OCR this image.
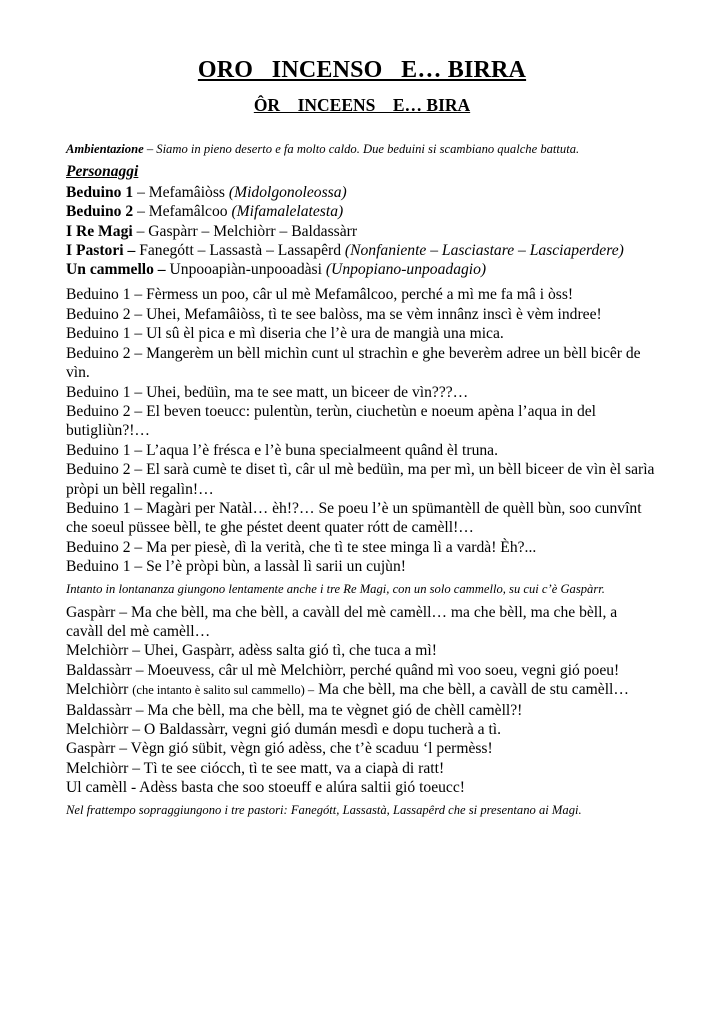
ORO   INCENSO   E… BIRRA
ÔR    INCEENS    E… BIRA

Ambientazione – Siamo in pieno deserto e fa molto caldo. Due beduini si scambiano qualche battuta.

Personaggi
Beduino 1 – Mefamâiòss (Midolgonoleossa)
Beduino 2 – Mefamâlcoo (Mifamalelatesta)
I Re Magi – Gaspàrr – Melchiòrr – Baldassàrr
I Pastori – Fanegótt – Lassastà – Lassapêrd (Nonfaniente – Lasciastare – Lasciaperdere)
Un cammello – Unpooapiàn-unpooadàsi (Unpopiano-unpoadagio)
Beduino 1 – Fèrmess un poo, câr ul mè Mefamâlcoo, perché a mì me fa mâ i òss!
Beduino 2 – Uhei, Mefamâiòss, tì te see balòss, ma se vèm innânz inscì è vèm indree!
Beduino 1 – Ul sû èl pica e mì diseria che l’è ura de mangià una mica.
Beduino 2 – Mangerèm un bèll michìn cunt ul strachìn e ghe beverèm adree un bèll bicêr de vìn.
Beduino 1 – Uhei, bedüìn, ma te see matt, un biceer de vìn???…
Beduino 2 – El beven toeucc: pulentùn, terùn, ciuchetùn e noeum apèna l’aqua in del butigliùn?!…
Beduino 1 – L’aqua l’è frésca e l’è buna specialmeent quând èl truna.
Beduino 2 – El sarà cumè te diset tì, câr ul mè bedüìn, ma per mì, un bèll biceer de vìn èl sarìa pròpi un bèll regalìn!…
Beduino 1 – Magàri per Natàl… èh!?… Se poeu l’è un spümantèll de quèll bùn, soo cunvînt che soeul püssee bèll, te ghe péstet deent quater rótt de camèll!…
Beduino 2 – Ma per piesè, dì la verità, che tì te stee minga lì a vardà! Èh?...
Beduino 1 – Se l’è pròpi bùn, a lassàl lì sarii un cujùn!

Intanto in lontananza giungono lentamente anche i tre Re Magi, con un solo cammello, su cui c’è Gaspàrr.

Gaspàrr – Ma che bèll, ma che bèll, a cavàll del mè camèll… ma che bèll, ma che bèll, a cavàll del mè camèll…
Melchiòrr – Uhei, Gaspàrr, adèss salta gió tì, che tuca a mì!
Baldassàrr – Moeuvess, câr ul mè Melchiòrr, perché quând mì voo soeu, vegni gió poeu!
Melchiòrr (che intanto è salito sul cammello) – Ma che bèll, ma che bèll, a cavàll de stu camèll…
Baldassàrr – Ma che bèll, ma che bèll, ma te vègnet gió de chèll camèll?!
Melchiòrr – O Baldassàrr, vegni gió dumán mesdì e dopu tucherà a tì.
Gaspàrr – Vègn gió sübit, vègn gió adèss, che t’è scaduu ‘l permèss!
Melchiòrr – Tì te see ciócch, tì te see matt, va a ciapà di ratt!
Ul camèll - Adèss basta che soo stoeuff e alúra saltii gió toeucc!

Nel frattempo sopraggiungono i tre pastori: Fanegótt, Lassastà, Lassapêrd che si presentano ai Magi.
